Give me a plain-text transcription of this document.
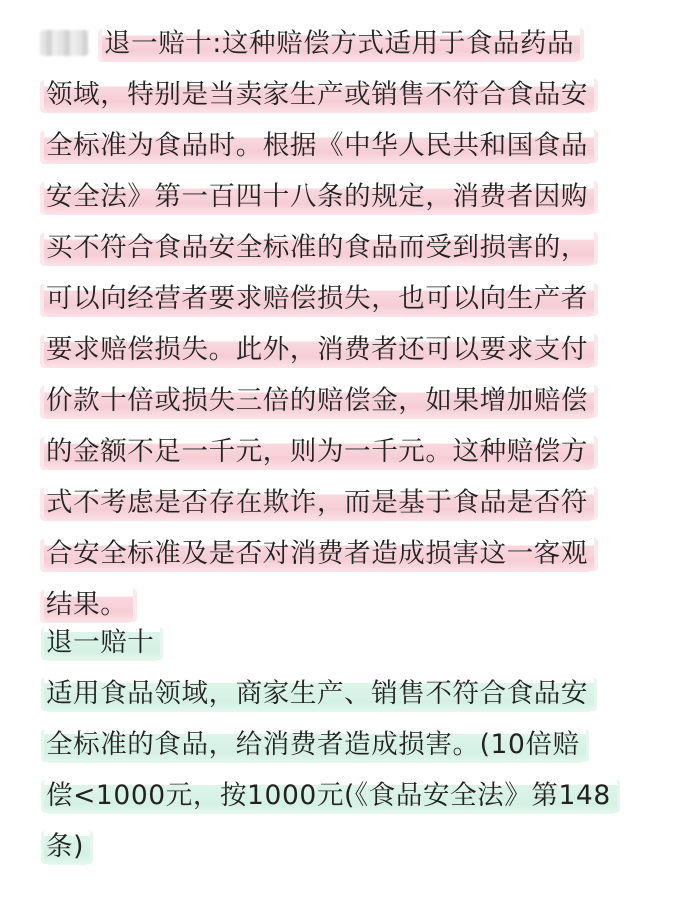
退一赔十:这种赔偿方式适用于食品药品
领域，特别是当卖家生产或销售不符合食品安
全标准为食品时。根据《中华人民共和国食品
安全法》第一百四十八条的规定，消费者因购
买不符合食品安全标准的食品而受到损害的，
可以向经营者要求赔偿损失，也可以向生产者
要求赔偿损失。此外，消费者还可以要求支付
价款十倍或损失三倍的赔偿金，如果增加赔偿
的金额不足一千元，则为一千元。这种赔偿方
式不考虑是否存在欺诈，而是基于食品是否符
合安全标准及是否对消费者造成损害这一客观
结果。
退一赔十
适用食品领域，商家生产、销售不符合食品安
全标准的食品，给消费者造成损害。(10倍赔
偿<1000元，按1000元(《食品安全法》第148
条)
